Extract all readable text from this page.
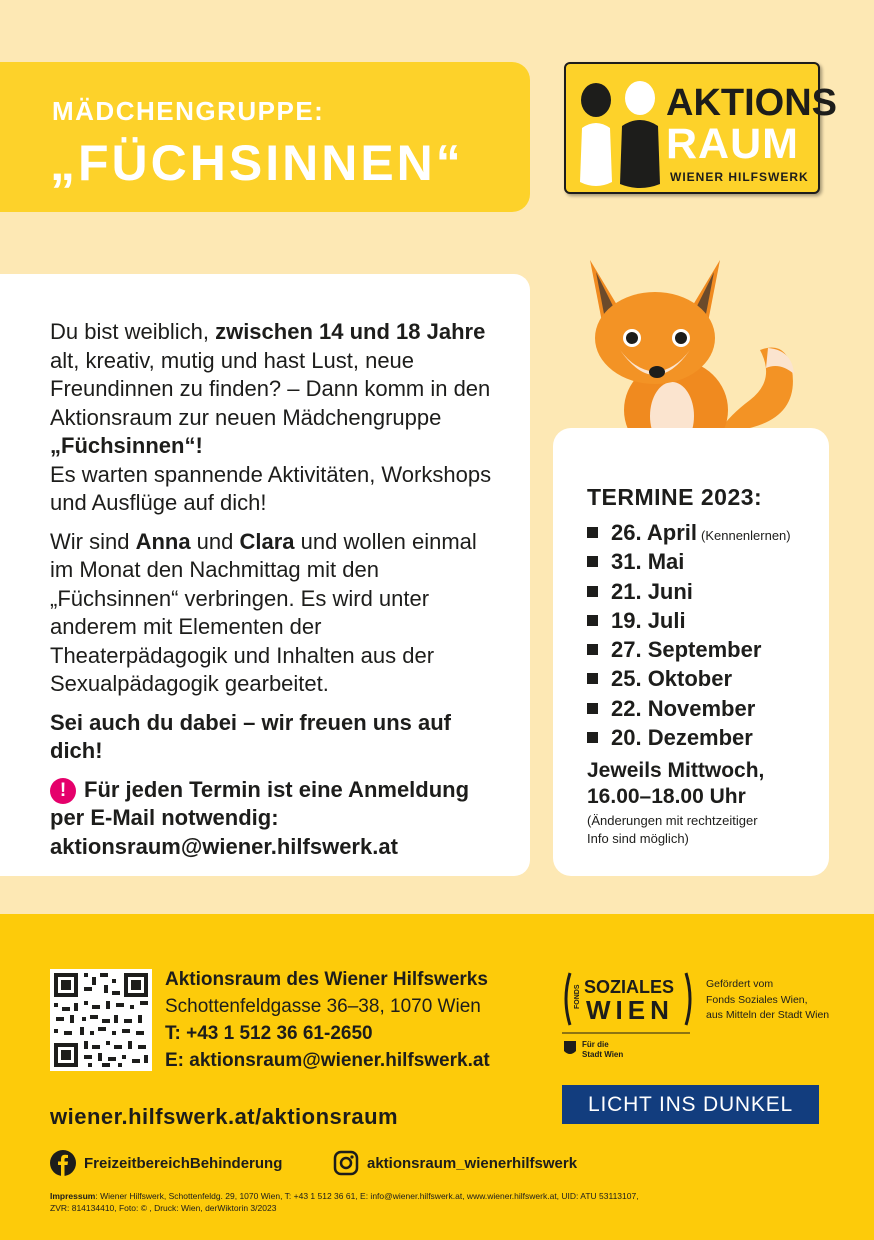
MÄDCHENGRUPPE:
„FÜCHSINNEN“
AKTIONS
RAUM
WIENER HILFSWERK

Du bist weiblich, zwischen 14 und 18 Jahre alt, kreativ, mutig und hast Lust, neue Freundinnen zu finden? – Dann komm in den Aktionsraum zur neuen Mädchengruppe „Füchsinnen“!
Es warten spannende Aktivitäten, Workshops und Ausflüge auf dich!

Wir sind Anna und Clara und wollen einmal im Monat den Nachmittag mit den „Füchsinnen“ verbringen. Es wird unter anderem mit Elementen der Theaterpädagogik und Inhalten aus der Sexualpädagogik gearbeitet.

Sei auch du dabei – wir freuen uns auf dich!

! Für jeden Termin ist eine Anmeldung per E-Mail notwendig: aktionsraum@wiener.hilfswerk.at

TERMINE 2023:
26. April (Kennenlernen)
31. Mai
21. Juni
19. Juli
27. September
25. Oktober
22. November
20. Dezember
Jeweils Mittwoch,
16.00–18.00 Uhr
(Änderungen mit rechtzeitiger
Info sind möglich)
Aktionsraum des Wiener Hilfswerks
Schottenfeldgasse 36–38, 1070 Wien
T: +43 1 512 36 61-2650
E: aktionsraum@wiener.hilfswerk.at
FONDS SOZIALES
WIEN
Für die
Stadt Wien
Gefördert vom
Fonds Soziales Wien,
aus Mitteln der Stadt Wien
LICHT INS DUNKEL
wiener.hilfswerk.at/aktionsraum
FreizeitbereichBehinderung	aktionsraum_wienerhilfswerk
Impressum: Wiener Hilfswerk, Schottenfeldg. 29, 1070 Wien, T: +43 1 512 36 61, E: info@wiener.hilfswerk.at, www.wiener.hilfswerk.at, UID: ATU 53113107,
ZVR: 814134410, Foto: © , Druck: Wien, derWiktorin 3/2023
